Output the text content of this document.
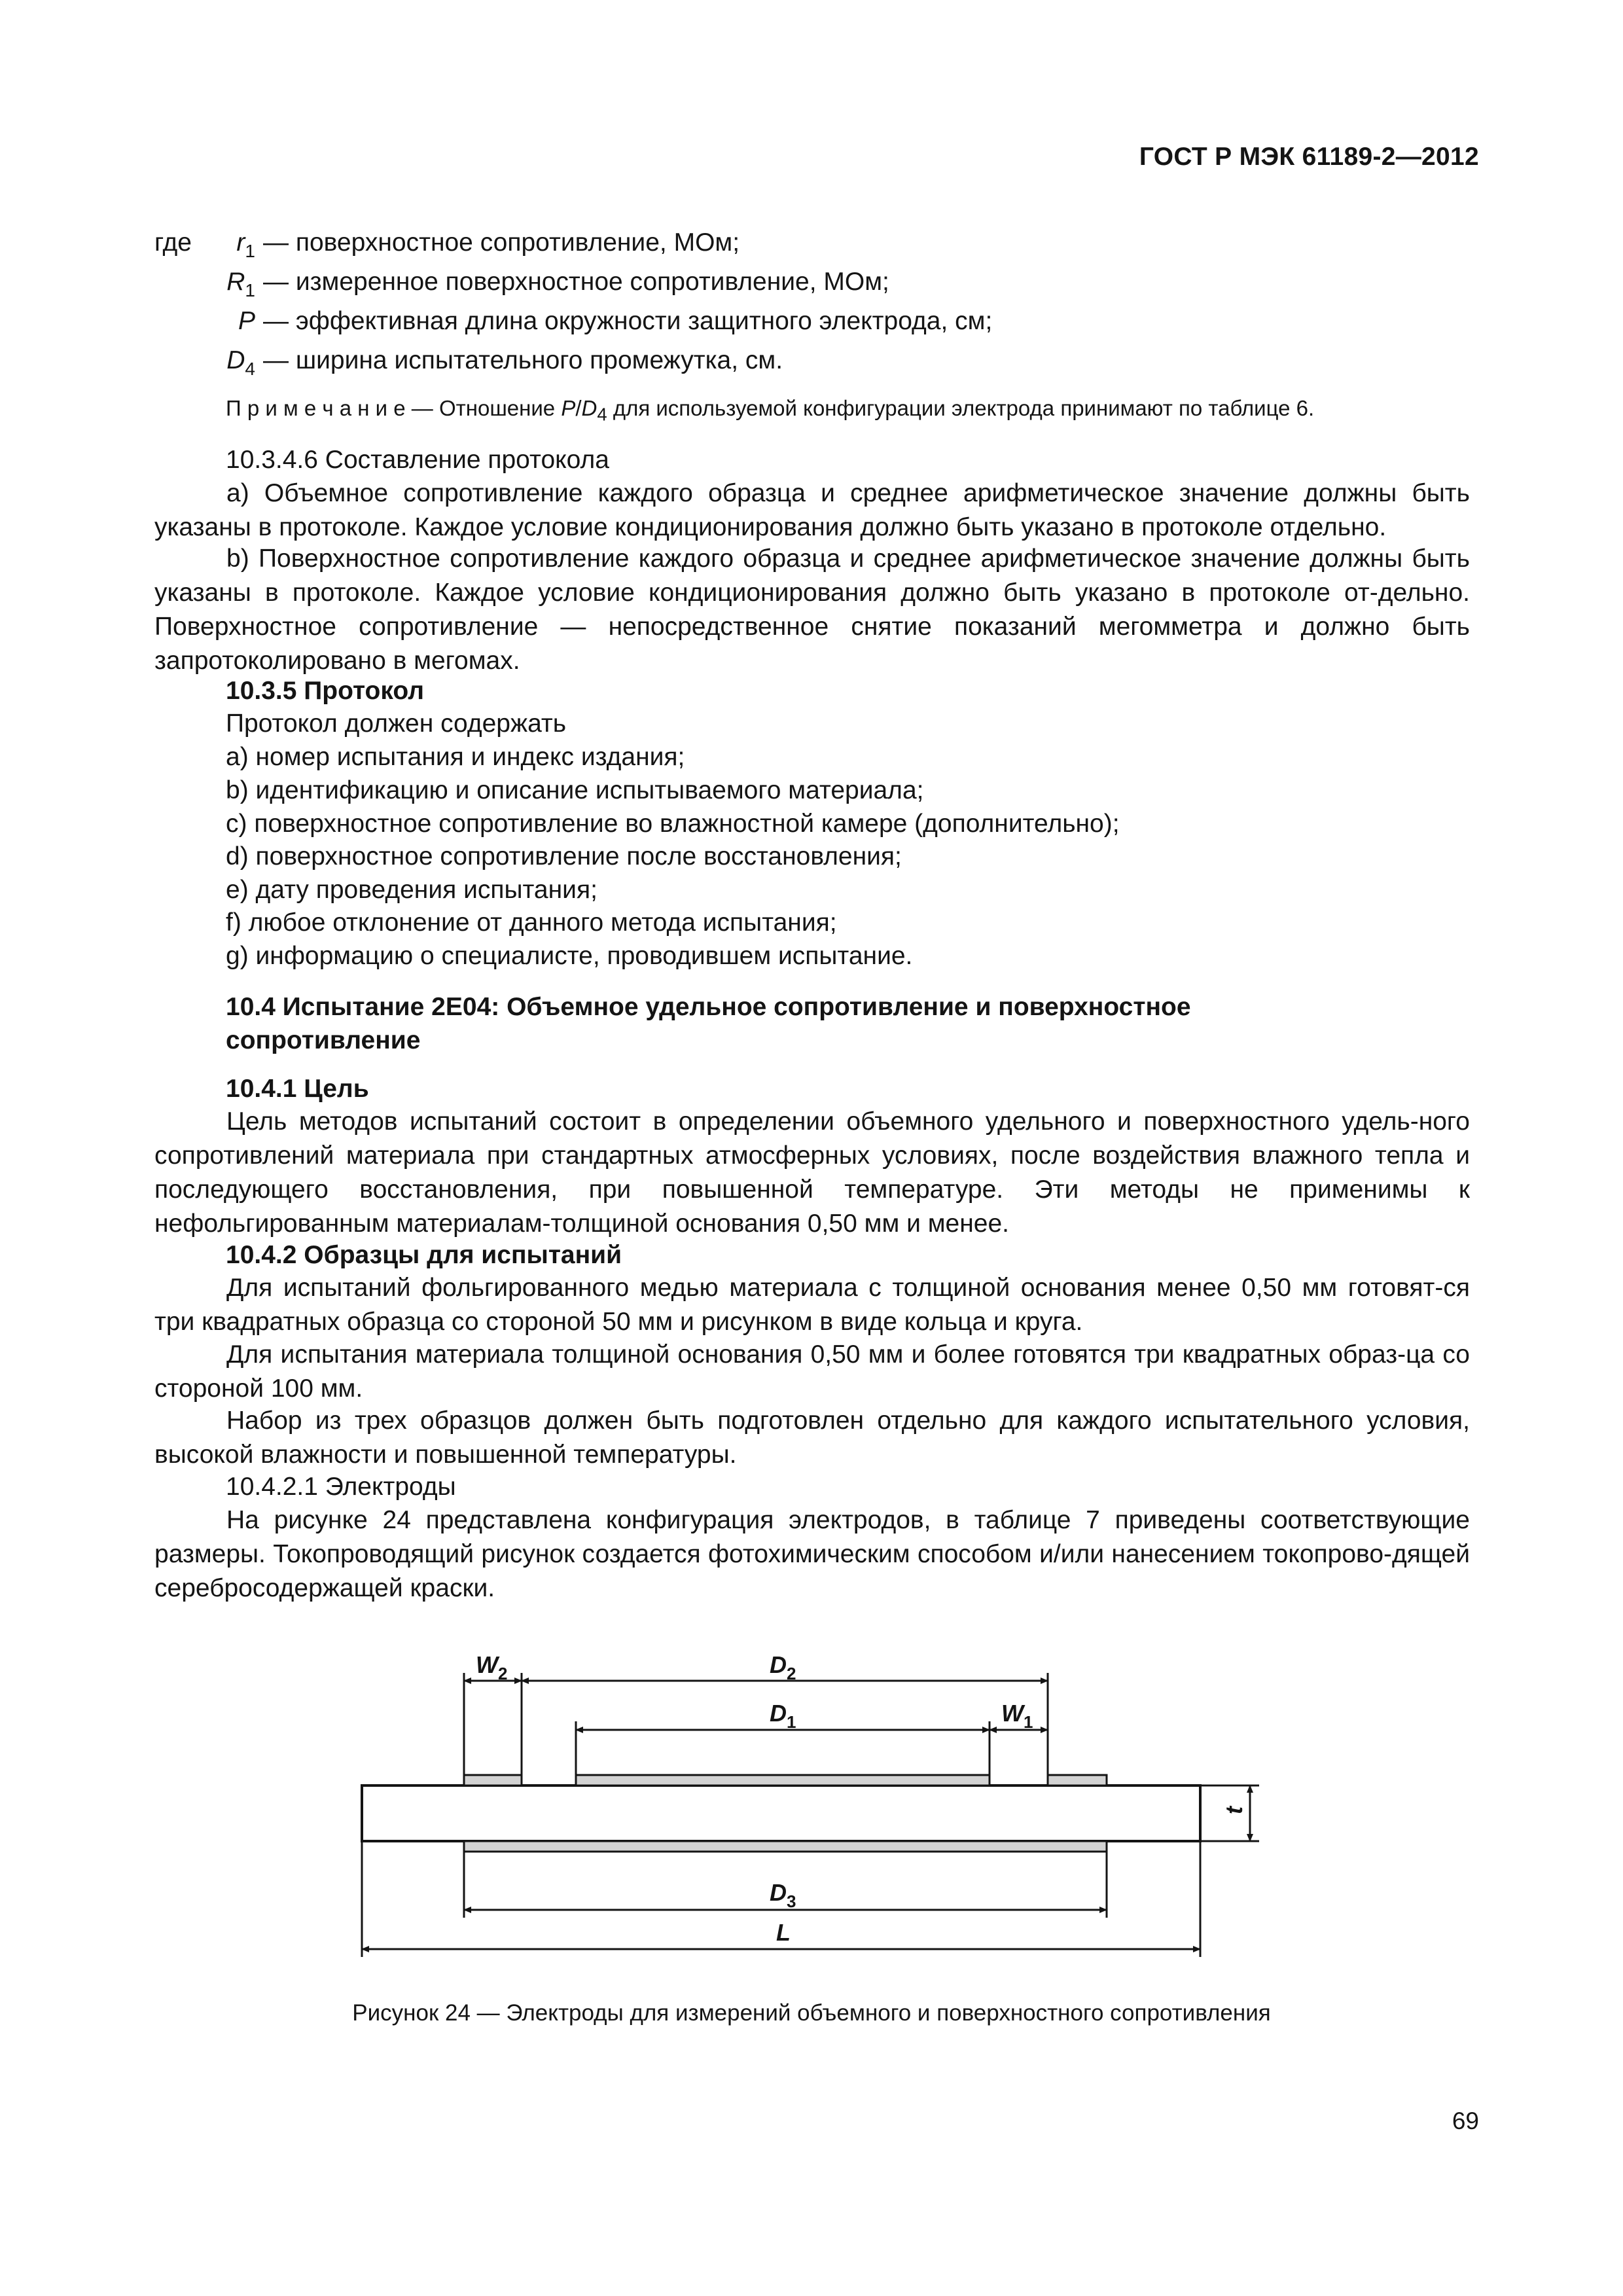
ГОСТ Р МЭК 61189-2—2012
где	$r_1$ — поверхностное сопротивление, МОм;
$R_1$ — измеренное поверхностное сопротивление, МОм;
P — эффективная длина окружности защитного электрода, см;
$D_4$ — ширина испытательного промежутка, см.
П р и м е ч а н и е — Отношение $P/D_4$ для используемой конфигурации электрода принимают по таблице 6.
10.3.4.6 Составление протокола
а) Объемное сопротивление каждого образца и среднее арифметическое значение должны быть указаны в протоколе. Каждое условие кондиционирования должно быть указано в протоколе отдельно.
b) Поверхностное сопротивление каждого образца и среднее арифметическое значение должны быть указаны в протоколе. Каждое условие кондиционирования должно быть указано в протоколе от-дельно. Поверхностное сопротивление — непосредственное снятие показаний мегомметра и должно быть запротоколировано в мегомах.
10.3.5 Протокол
Протокол должен содержать
а) номер испытания и индекс издания;
b) идентификацию и описание испытываемого материала;
с) поверхностное сопротивление во влажностной камере (дополнительно);
d) поверхностное сопротивление после восстановления;
е) дату проведения испытания;
f) любое отклонение от данного метода испытания;
g) информацию о специалисте, проводившем испытание.
10.4 Испытание 2Е04: Объемное удельное сопротивление и поверхностное
сопротивление
10.4.1 Цель
Цель методов испытаний состоит в определении объемного удельного и поверхностного удель-ного сопротивлений материала при стандартных атмосферных условиях, после воздействия влажного тепла и последующего восстановления, при повышенной температуре. Эти методы не применимы к нефольгированным материалам-толщиной основания 0,50 мм и менее.
10.4.2 Образцы для испытаний
Для испытаний фольгированного медью материала с толщиной основания менее 0,50 мм готовят-ся три квадратных образца со стороной 50 мм и рисунком в виде кольца и круга.
Для испытания материала толщиной основания 0,50 мм и более готовятся три квадратных образ-ца со стороной 100 мм.
Набор из трех образцов должен быть подготовлен отдельно для каждого испытательного условия, высокой влажности и повышенной температуры.
10.4.2.1 Электроды
На рисунке 24 представлена конфигурация электродов, в таблице 7 приведены соответствующие размеры. Токопроводящий рисунок создается фотохимическим способом и/или нанесением токопрово-дящей серебросодержащей краски.
$W_2$	$D_2$
$D_1$	$W_1$
$D_3$
L
t
Рисунок 24 — Электроды для измерений объемного и поверхностного сопротивления
69
